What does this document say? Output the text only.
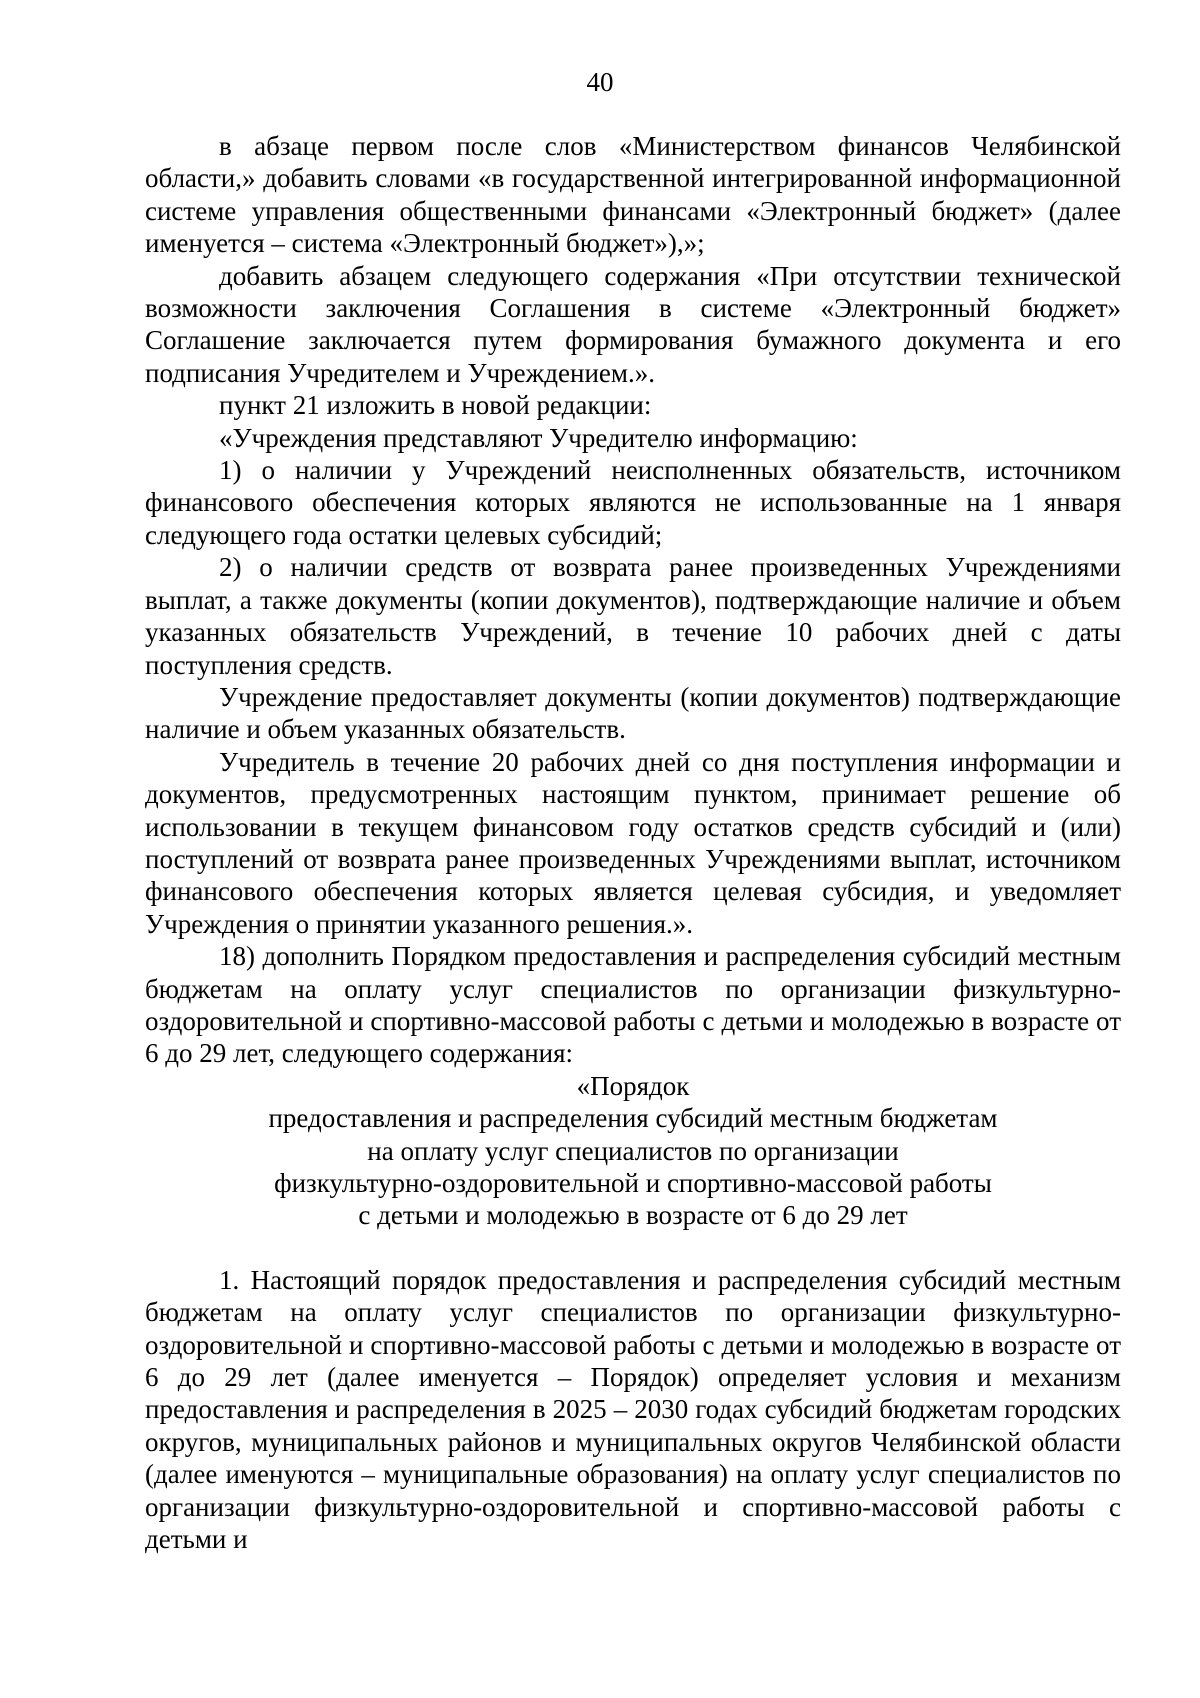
40

в абзаце первом после слов «Министерством финансов Челябинской области,» добавить словами «в государственной интегрированной информационной системе управления общественными финансами «Электронный бюджет» (далее именуется – система «Электронный бюджет»),»;

добавить абзацем следующего содержания «При отсутствии технической возможности заключения Соглашения в системе «Электронный бюджет» Соглашение заключается путем формирования бумажного документа и его подписания Учредителем и Учреждением.».

пункт 21 изложить в новой редакции:

«Учреждения представляют Учредителю информацию:

1) о наличии у Учреждений неисполненных обязательств, источником финансового обеспечения которых являются не использованные на 1 января следующего года остатки целевых субсидий;

2) о наличии средств от возврата ранее произведенных Учреждениями выплат, а также документы (копии документов), подтверждающие наличие и объем указанных обязательств Учреждений, в течение 10 рабочих дней с даты поступления средств.

Учреждение предоставляет документы (копии документов) подтверждающие наличие и объем указанных обязательств.

Учредитель в течение 20 рабочих дней со дня поступления информации и документов, предусмотренных настоящим пунктом, принимает решение об использовании в текущем финансовом году остатков средств субсидий и (или) поступлений от возврата ранее произведенных Учреждениями выплат, источником финансового обеспечения которых является целевая субсидия, и уведомляет Учреждения о принятии указанного решения.».

18) дополнить Порядком предоставления и распределения субсидий местным бюджетам на оплату услуг специалистов по организации физкультурно-оздоровительной и спортивно-массовой работы с детьми и молодежью в возрасте от 6 до 29 лет, следующего содержания:

«Порядок

предоставления и распределения субсидий местным бюджетам

на оплату услуг специалистов по организации

физкультурно-оздоровительной и спортивно-массовой работы

с детьми и молодежью в возрасте от 6 до 29 лет

1. Настоящий порядок предоставления и распределения субсидий местным бюджетам на оплату услуг специалистов по организации физкультурно-оздоровительной и спортивно-массовой работы с детьми и молодежью в возрасте от 6 до 29 лет (далее именуется – Порядок) определяет условия и механизм предоставления и распределения в 2025 – 2030 годах субсидий бюджетам городских округов, муниципальных районов и муниципальных округов Челябинской области (далее именуются – муниципальные образования) на оплату услуг специалистов по организации физкультурно-оздоровительной и спортивно-массовой работы с детьми и
